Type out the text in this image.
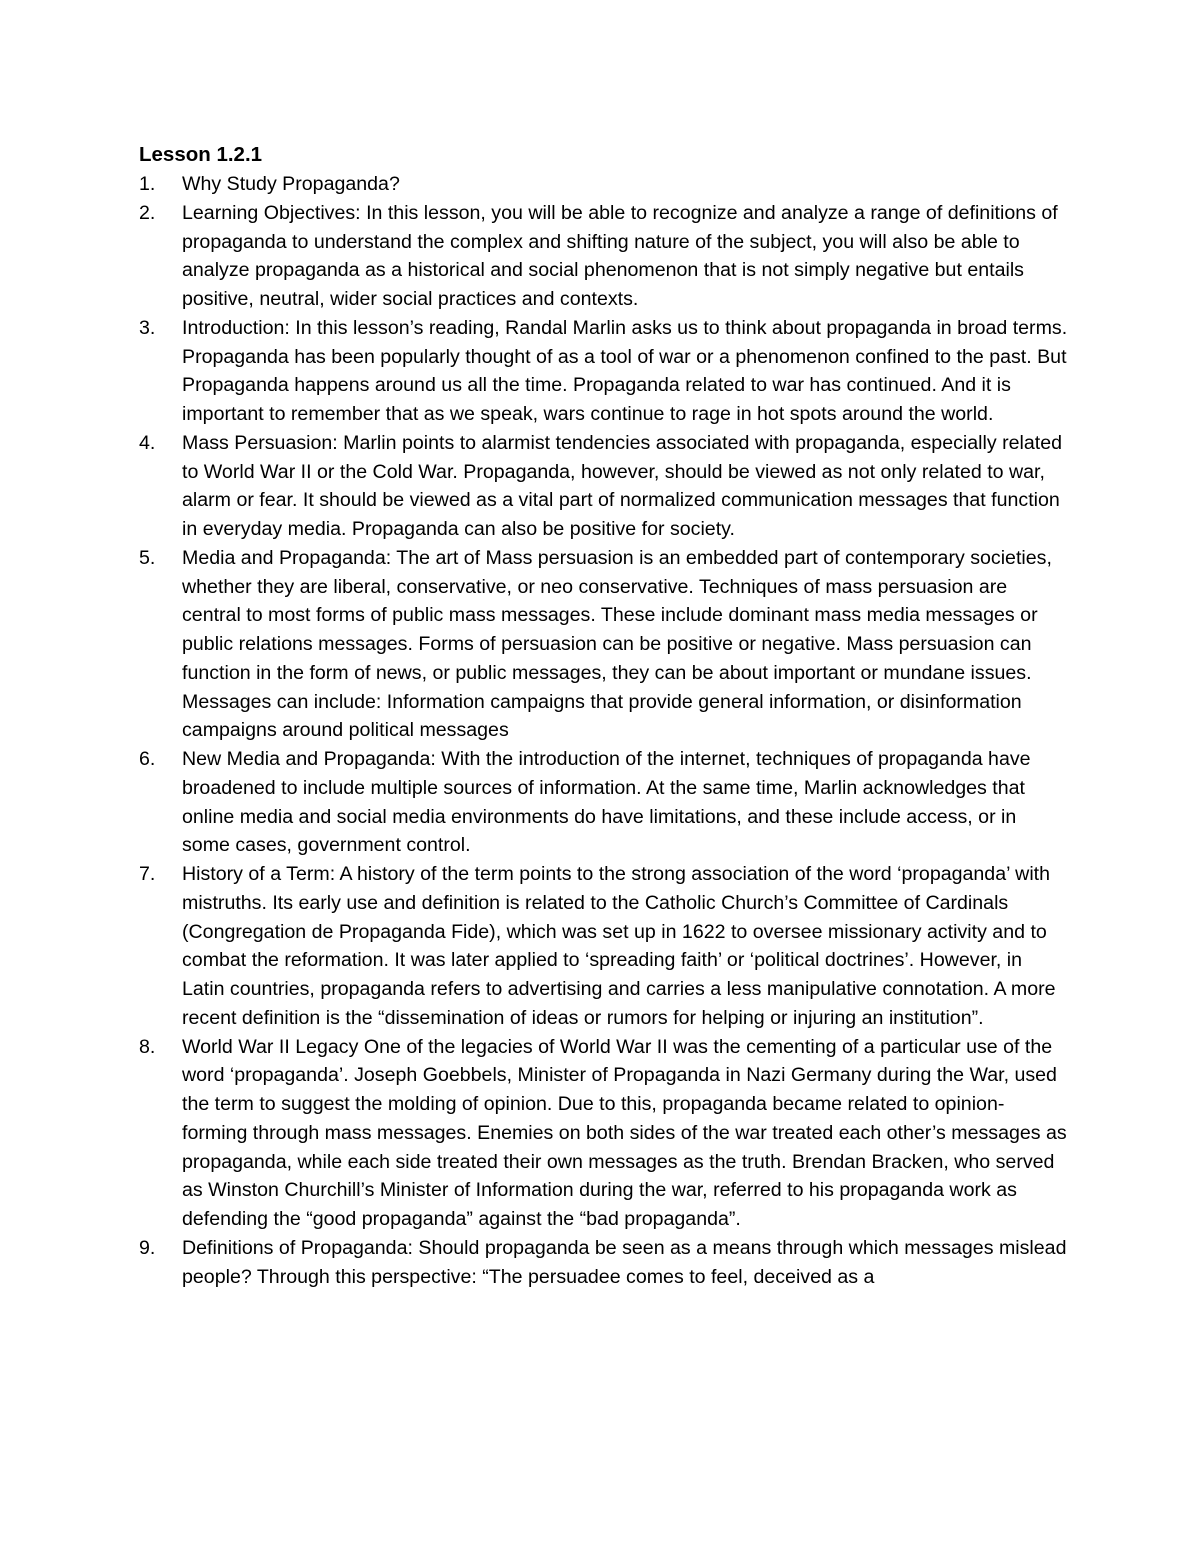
Lesson 1.2.1
1.	Why Study Propaganda?
2.	Learning Objectives: In this lesson, you will be able to recognize and analyze a range of definitions of propaganda to understand the complex and shifting nature of the subject, you will also be able to analyze propaganda as a historical and social phenomenon that is not simply negative but entails positive, neutral, wider social practices and contexts.
3.	Introduction: In this lesson’s reading, Randal Marlin asks us to think about propaganda in broad terms. Propaganda has been popularly thought of as a tool of war or a phenomenon confined to the past. But Propaganda happens around us all the time. Propaganda related to war has continued. And it is important to remember that as we speak, wars continue to rage in hot spots around the world.
4.	Mass Persuasion: Marlin points to alarmist tendencies associated with propaganda, especially related to World War II or the Cold War. Propaganda, however, should be viewed as not only related to war, alarm or fear. It should be viewed as a vital part of normalized communication messages that function in everyday media. Propaganda can also be positive for society.
5.	Media and Propaganda: The art of Mass persuasion is an embedded part of contemporary societies, whether they are liberal, conservative, or neo conservative. Techniques of mass persuasion are central to most forms of public mass messages. These include dominant mass media messages or public relations messages. Forms of persuasion can be positive or negative. Mass persuasion can function in the form of news, or public messages, they can be about important or mundane issues. Messages can include: Information campaigns that provide general information, or disinformation campaigns around political messages
6.	New Media and Propaganda: With the introduction of the internet, techniques of propaganda have broadened to include multiple sources of information. At the same time, Marlin acknowledges that online media and social media environments do have limitations, and these include access, or in some cases, government control.
7.	History of a Term: A history of the term points to the strong association of the word ‘propaganda’ with mistruths. Its early use and definition is related to the Catholic Church’s Committee of Cardinals (Congregation de Propaganda Fide), which was set up in 1622 to oversee missionary activity and to combat the reformation. It was later applied to ‘spreading faith’ or ‘political doctrines’. However, in Latin countries, propaganda refers to advertising and carries a less manipulative connotation. A more recent definition is the “dissemination of ideas or rumors for helping or injuring an institution”.
8.	World War II Legacy One of the legacies of World War II was the cementing of a particular use of the word ‘propaganda’. Joseph Goebbels, Minister of Propaganda in Nazi Germany during the War, used the term to suggest the molding of opinion. Due to this, propaganda became related to opinion-forming through mass messages. Enemies on both sides of the war treated each other’s messages as propaganda, while each side treated their own messages as the truth. Brendan Bracken, who served as Winston Churchill’s Minister of Information during the war, referred to his propaganda work as defending the “good propaganda” against the “bad propaganda”.
9.	Definitions of Propaganda: Should propaganda be seen as a means through which messages mislead people? Through this perspective: “The persuadee comes to feel, deceived as a
